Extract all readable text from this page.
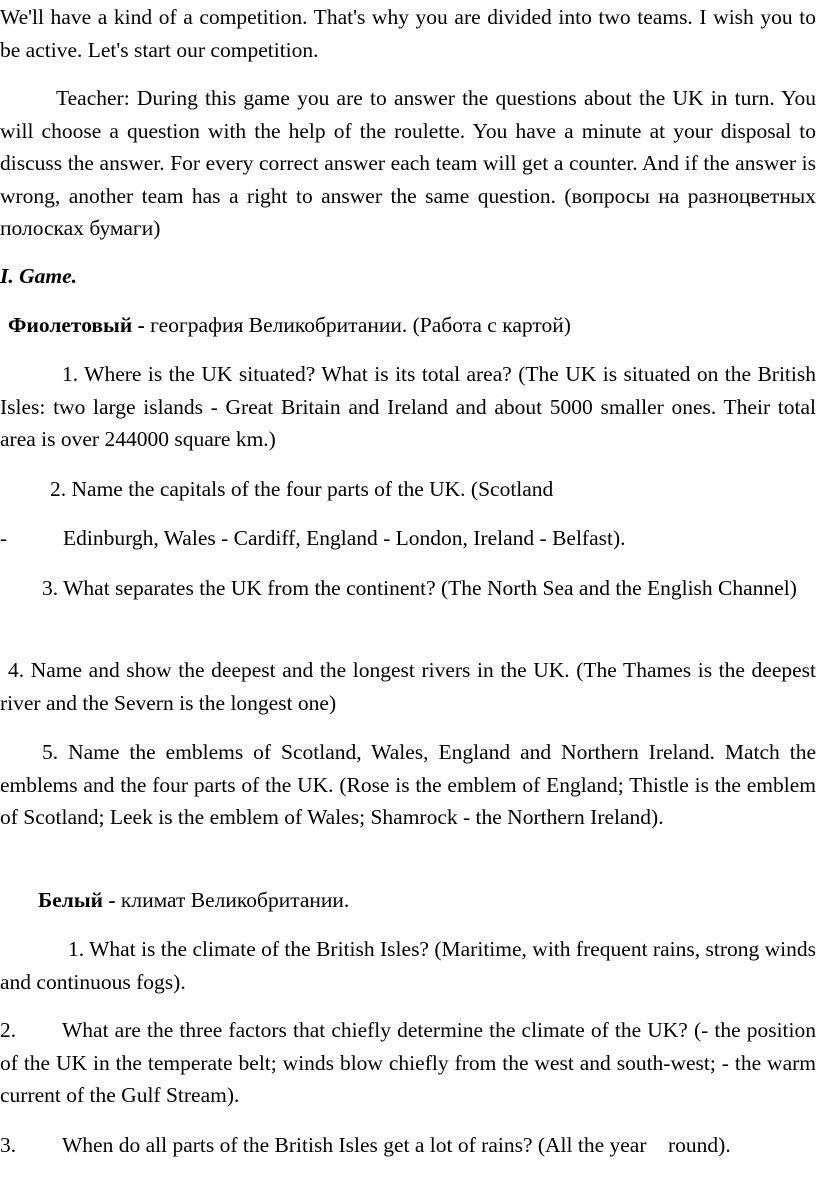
We'll have a kind of a competition. That's why you are divided into two teams. I wish you to be active. Let's start our competition.

Teacher: During this game you are to answer the questions about the UK in turn. You will choose a question with the help of the roulette. You have a minute at your disposal to discuss the answer. For every correct answer each team will get a counter. And if the answer is wrong, another team has a right to answer the same question. (вопросы на разноцветных полосках бумаги)

I. Game.

Фиолетовый - география Великобритании. (Работа с картой)

1. Where is the UK situated? What is its total area? (The UK is situated on the British Isles: two large islands - Great Britain and Ireland and about 5000 smaller ones. Their total area is over 244000 square km.)

2. Name the capitals of the four parts of the UK. (Scotland

-	Edinburgh, Wales - Cardiff, England - London, Ireland - Belfast).

3. What separates the UK from the continent? (The North Sea and the English Channel)

4. Name and show the deepest and the longest rivers in the UK. (The Thames is the deepest river and the Severn is the longest one)

5. Name the emblems of Scotland, Wales, England and Northern Ireland. Match the emblems and the four parts of the UK. (Rose is the emblem of England; Thistle is the emblem of Scotland; Leek is the emblem of Wales; Shamrock - the Northern Ireland).

Белый - климат Великобритании.

1. What is the climate of the British Isles? (Maritime, with frequent rains, strong winds and continuous fogs).

2.	What are the three factors that chiefly determine the climate of the UK? (- the position of the UK in the temperate belt; winds blow chiefly from the west and south-west; - the warm current of the Gulf Stream).

3. When do all parts of the British Isles get a lot of rains? (All the year    round).
